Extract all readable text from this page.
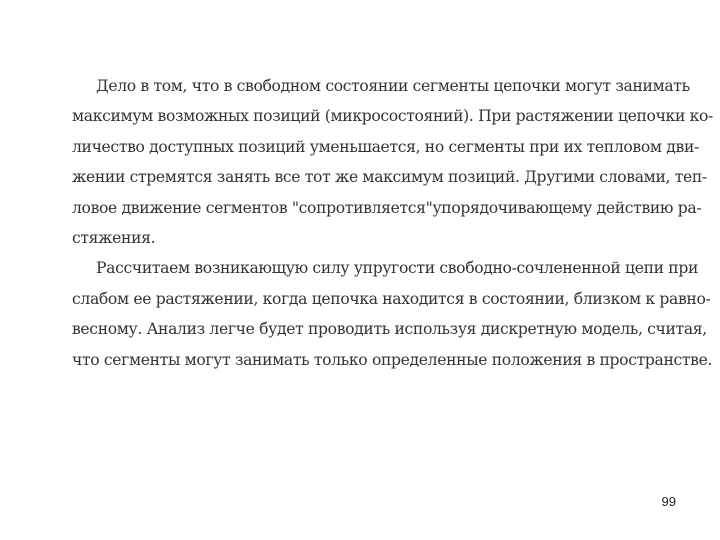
Дело в том, что в свободном состоянии сегменты цепочки могут занимать
максимум возможных позиций (микросостояний). При растяжении цепочки ко-
личество доступных позиций уменьшается, но сегменты при их тепловом дви-
жении стремятся занять все тот же максимум позиций. Другими словами, теп-
ловое движение сегментов "сопротивляется"упорядочивающему действию ра-
стяжения.
Рассчитаем возникающую силу упругости свободно-сочлененной цепи при
слабом ее растяжении, когда цепочка находится в состоянии, близком к равно-
весному. Анализ легче будет проводить используя дискретную модель, считая,
что сегменты могут занимать только определенные положения в пространстве.
99
